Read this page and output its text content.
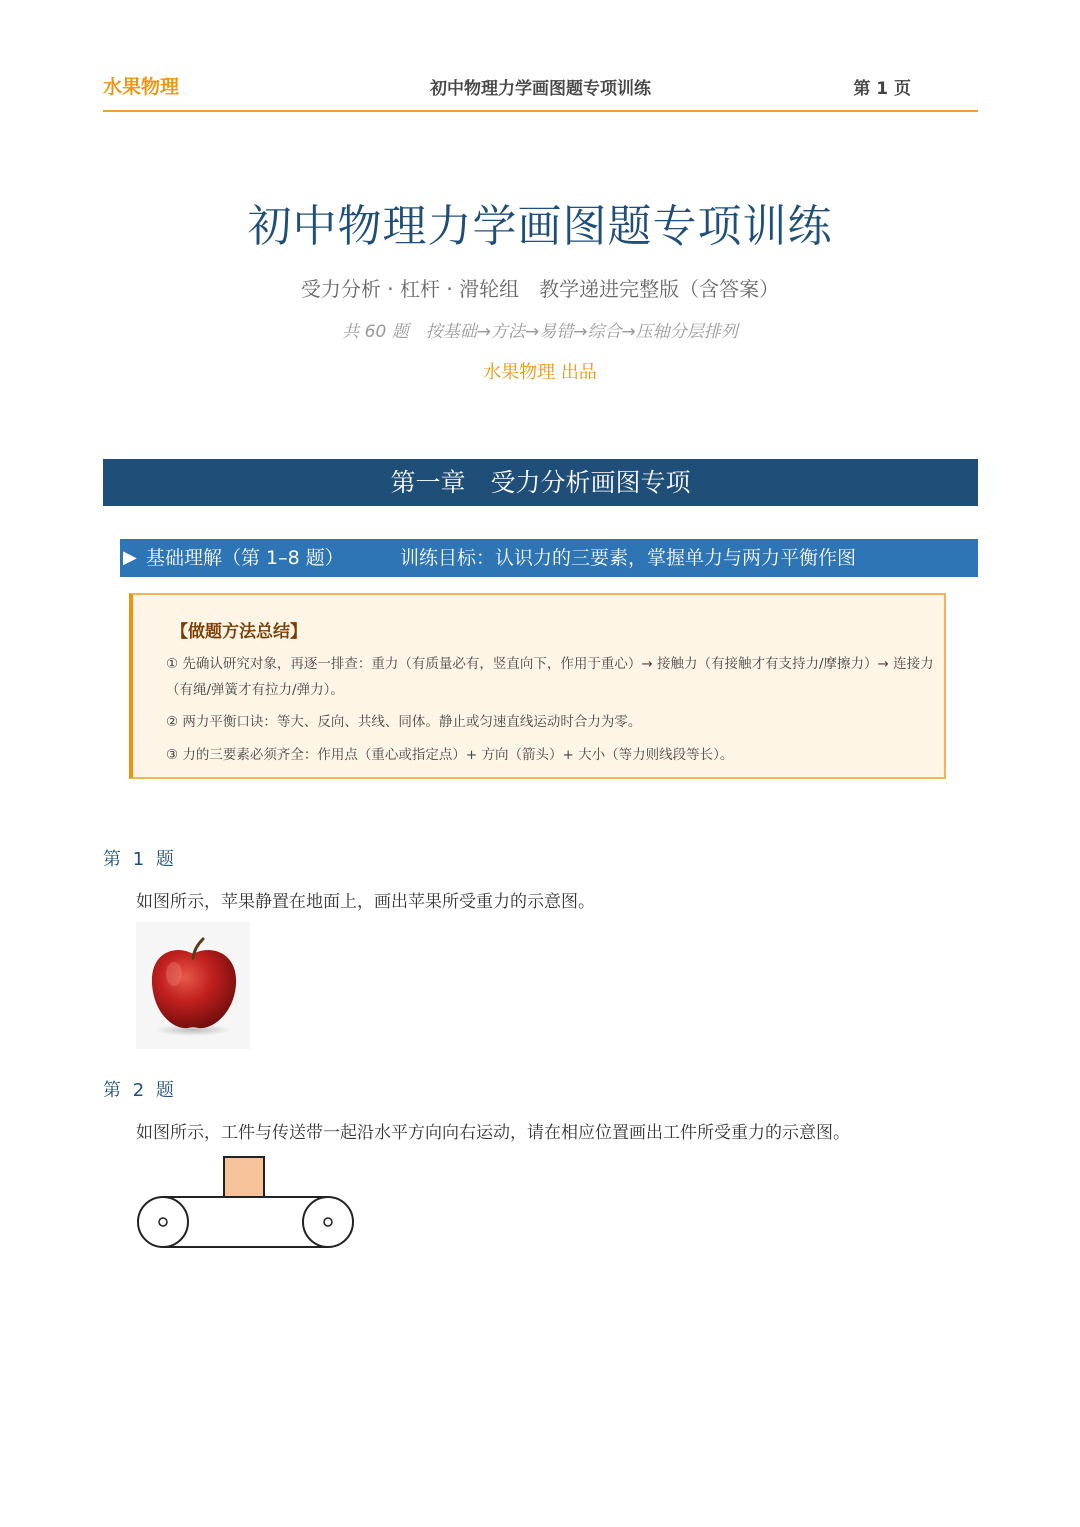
水果物理	初中物理力学画图题专项训练	第 1 页
初中物理力学画图题专项训练
受力分析 · 杠杆 · 滑轮组　教学递进完整版（含答案）
共 60 题　按基础→方法→易错→综合→压轴分层排列
水果物理 出品
第一章　受力分析画图专项
▶ 基础理解（第 1–8 题）	训练目标：认识力的三要素，掌握单力与两力平衡作图
【做题方法总结】
① 先确认研究对象，再逐一排查：重力（有质量必有，竖直向下，作用于重心）→ 接触力（有接触才有支持力/摩擦力）→ 连接力（有绳/弹簧才有拉力/弹力）。
② 两力平衡口诀：等大、反向、共线、同体。静止或匀速直线运动时合力为零。
③ 力的三要素必须齐全：作用点（重心或指定点）+ 方向（箭头）+ 大小（等力则线段等长）。
第 1 题
如图所示，苹果静置在地面上，画出苹果所受重力的示意图。
第 2 题
如图所示，工件与传送带一起沿水平方向向右运动，请在相应位置画出工件所受重力的示意图。
